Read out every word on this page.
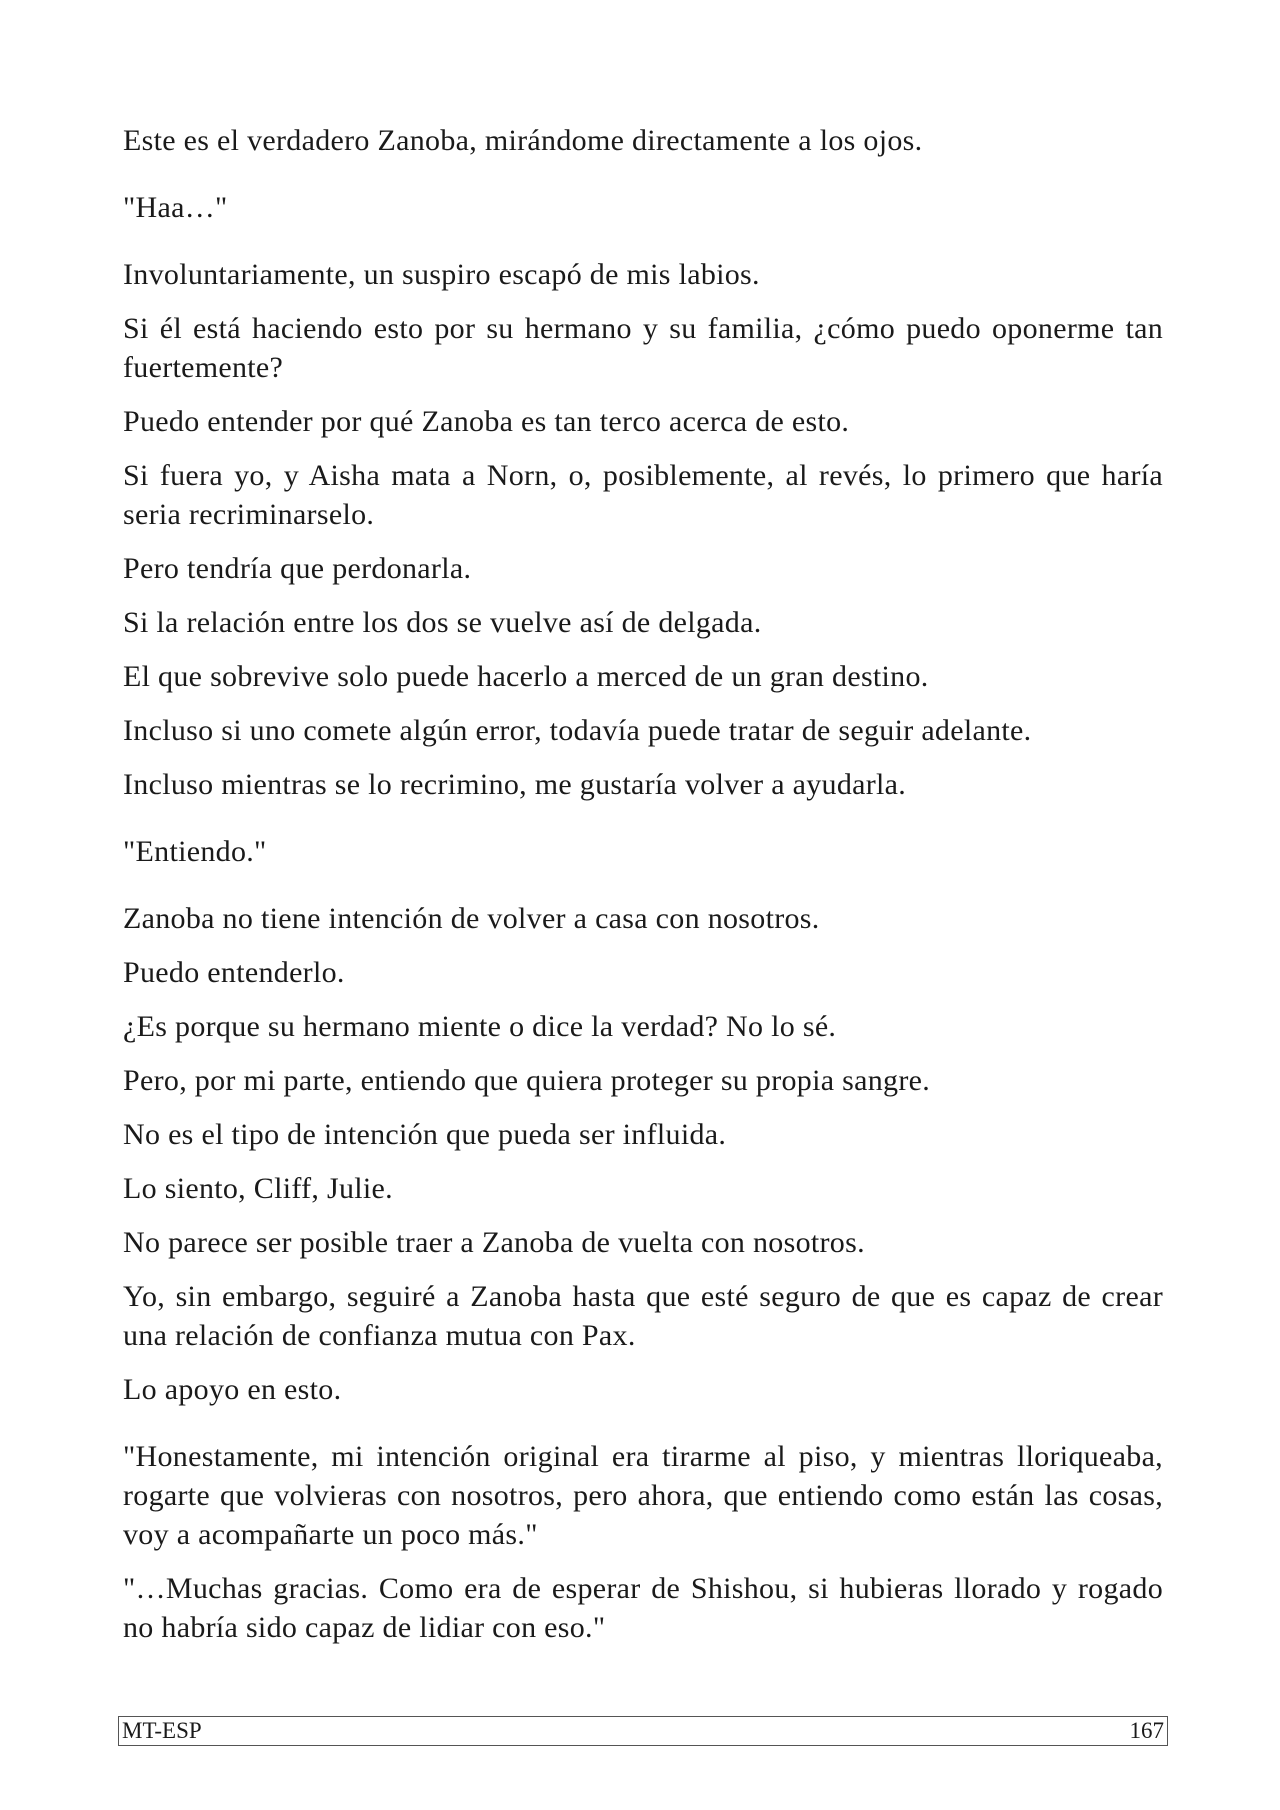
Este es el verdadero Zanoba, mirándome directamente a los ojos.

"Haa…"

Involuntariamente, un suspiro escapó de mis labios.

Si él está haciendo esto por su hermano y su familia, ¿cómo puedo oponerme tan fuertemente?

Puedo entender por qué Zanoba es tan terco acerca de esto.

Si fuera yo, y Aisha mata a Norn, o, posiblemente, al revés, lo primero que haría seria recriminarselo.

Pero tendría que perdonarla.

Si la relación entre los dos se vuelve así de delgada.

El que sobrevive solo puede hacerlo a merced de un gran destino.

Incluso si uno comete algún error, todavía puede tratar de seguir adelante.

Incluso mientras se lo recrimino, me gustaría volver a ayudarla.

"Entiendo."

Zanoba no tiene intención de volver a casa con nosotros.

Puedo entenderlo.

¿Es porque su hermano miente o dice la verdad? No lo sé.

Pero, por mi parte, entiendo que quiera proteger su propia sangre.

No es el tipo de intención que pueda ser influida.

Lo siento, Cliff, Julie.

No parece ser posible traer a Zanoba de vuelta con nosotros.

Yo, sin embargo, seguiré a Zanoba hasta que esté seguro de que es capaz de crear una relación de confianza mutua con Pax.

Lo apoyo en esto.

"Honestamente, mi intención original era tirarme al piso, y mientras lloriqueaba, rogarte que volvieras con nosotros, pero ahora, que entiendo como están las cosas, voy a acompañarte un poco más."

"…Muchas gracias. Como era de esperar de Shishou, si hubieras llorado y rogado no habría sido capaz de lidiar con eso."

MT-ESP	167
